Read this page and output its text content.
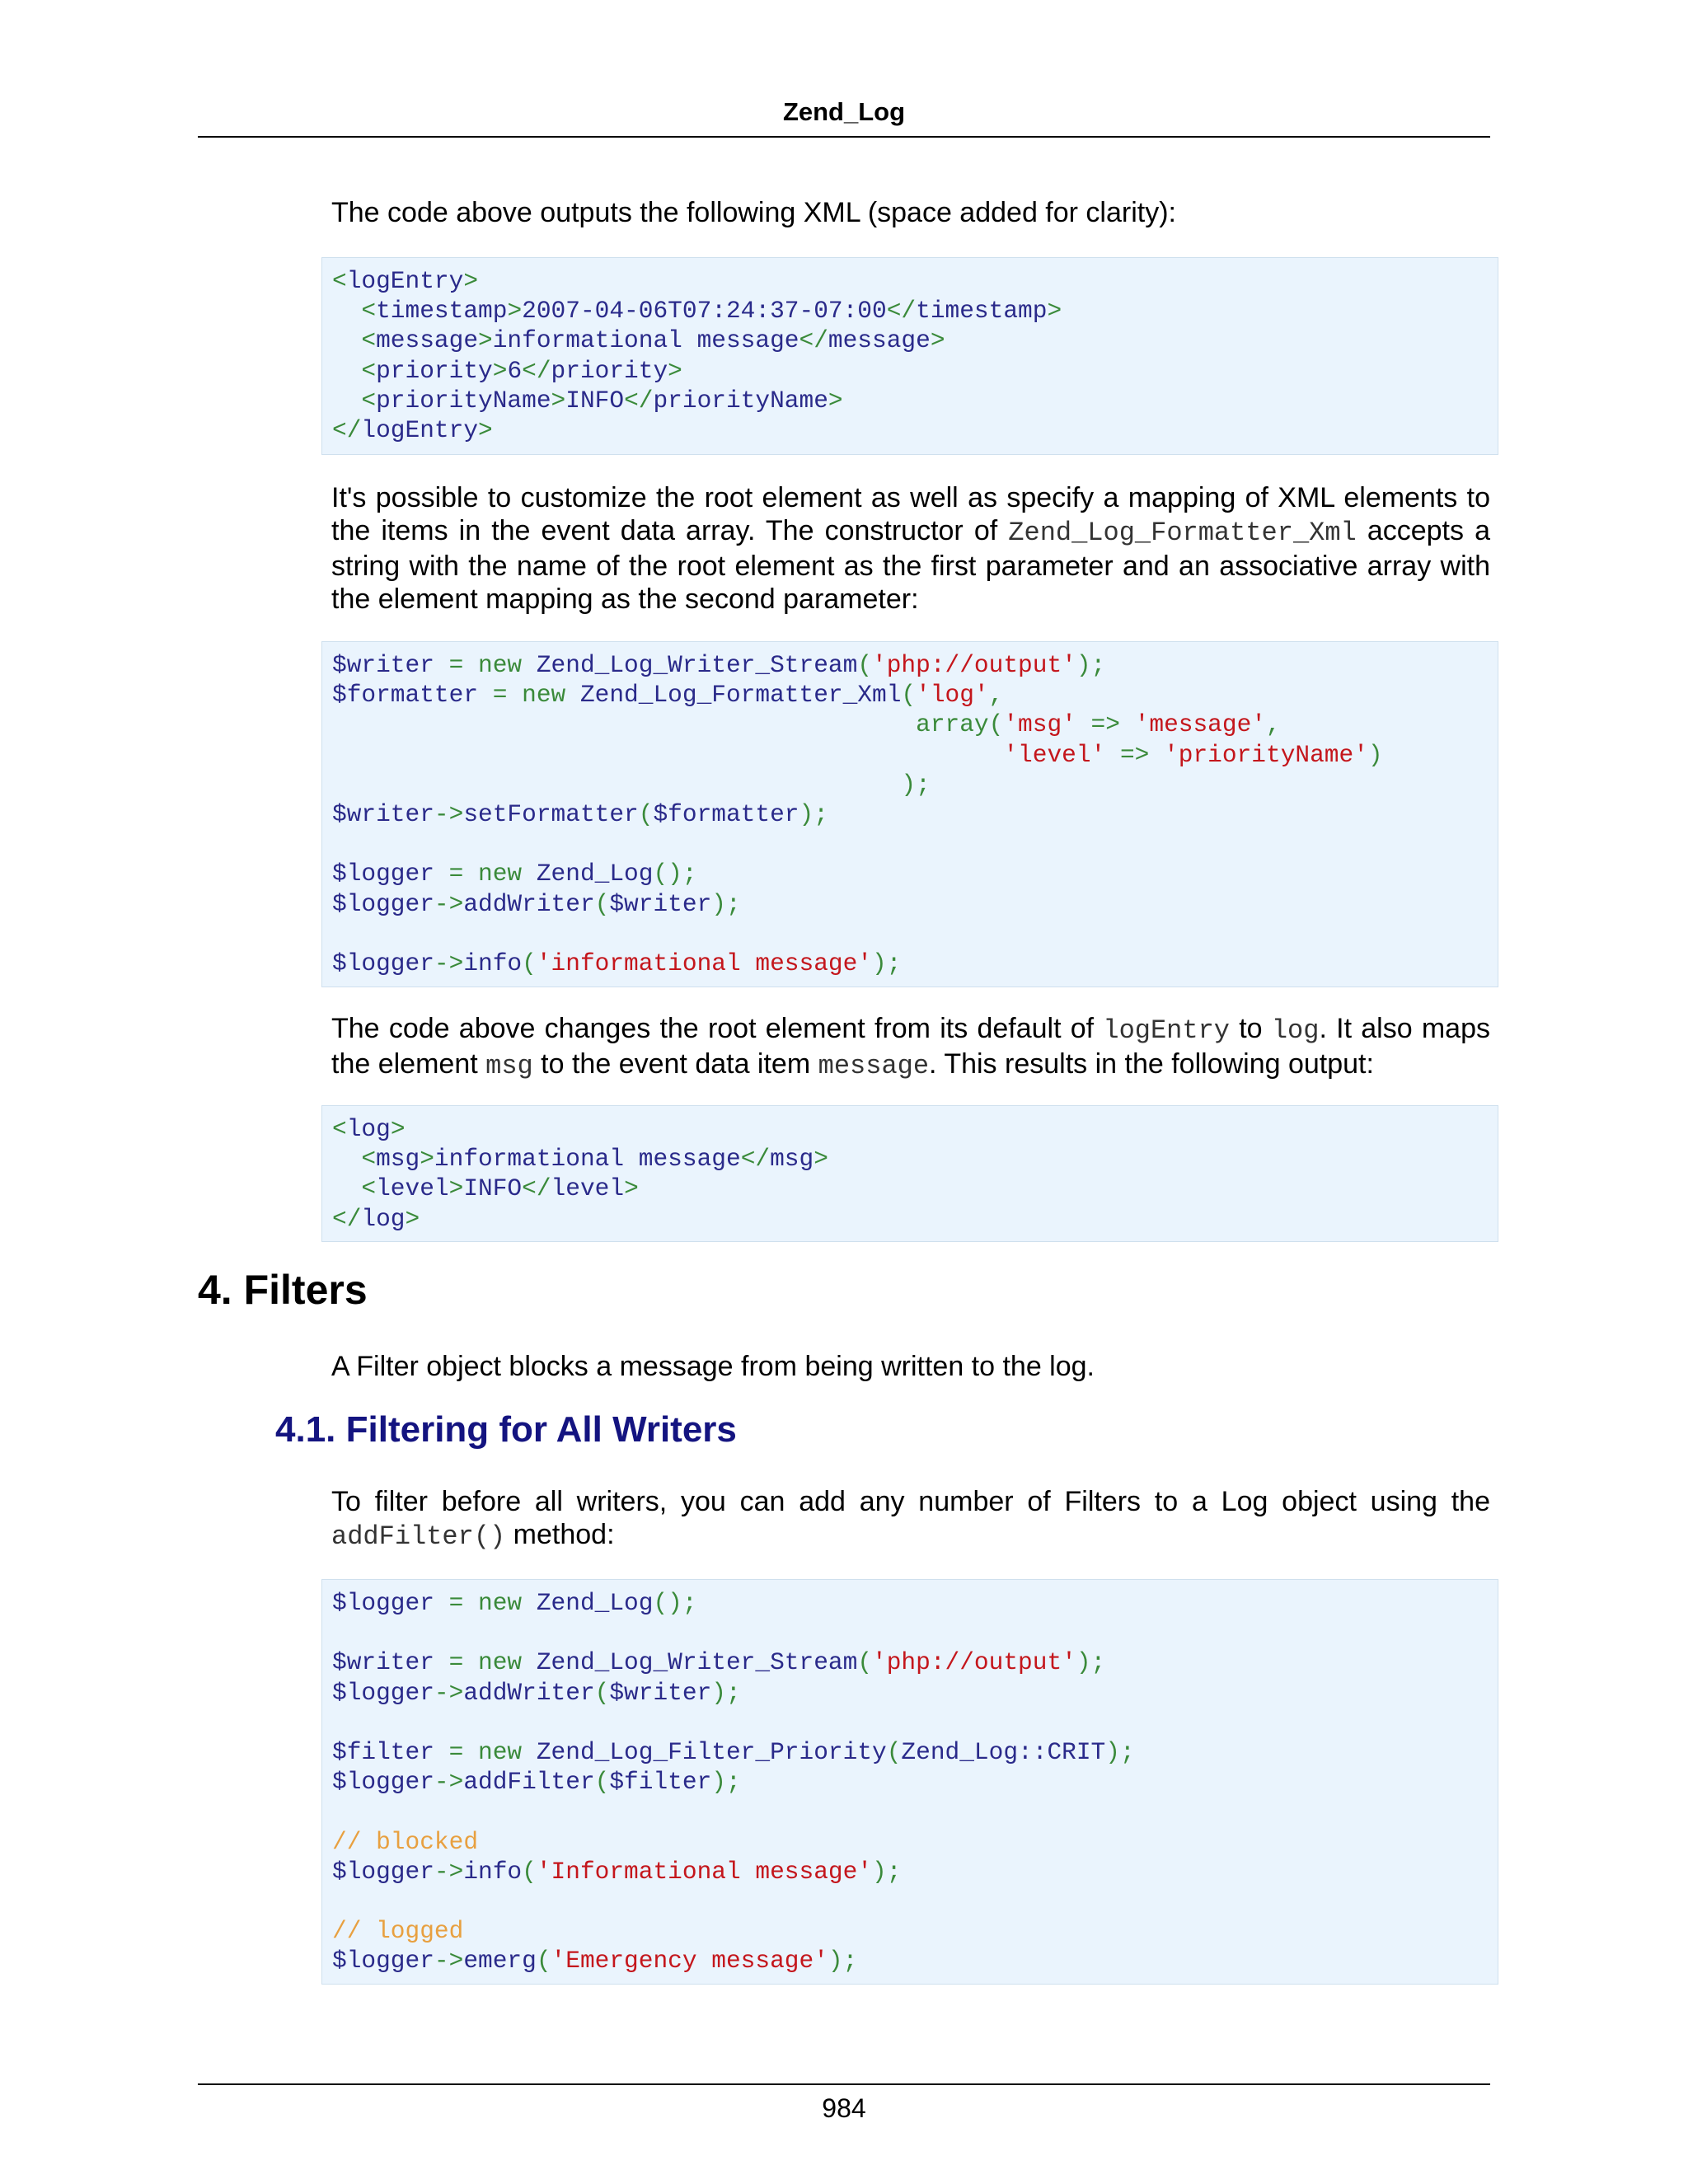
Zend_Log

The code above outputs the following XML (space added for clarity):

<logEntry>
<timestamp>2007-04-06T07:24:37-07:00</timestamp>
<message>informational message</message>
<priority>6</priority>
<priorityName>INFO</priorityName>
</logEntry>

It's possible to customize the root element as well as specify a mapping of XML elements to the items in the event data array. The constructor of Zend_Log_Formatter_Xml accepts a string with the name of the root element as the first parameter and an associative array with the element mapping as the second parameter:

$writer = new Zend_Log_Writer_Stream('php://output');
$formatter = new Zend_Log_Formatter_Xml('log',
array('msg' => 'message',
'level' => 'priorityName')
);
$writer->setFormatter($formatter);

$logger = new Zend_Log();
$logger->addWriter($writer);

$logger->info('informational message');

The code above changes the root element from its default of logEntry to log. It also maps the element msg to the event data item message. This results in the following output:

<log>
<msg>informational message</msg>
<level>INFO</level>
</log>
4. Filters

A Filter object blocks a message from being written to the log.

4.1. Filtering for All Writers

To filter before all writers, you can add any number of Filters to a Log object using the addFilter() method:

$logger = new Zend_Log();

$writer = new Zend_Log_Writer_Stream('php://output');
$logger->addWriter($writer);

$filter = new Zend_Log_Filter_Priority(Zend_Log::CRIT);
$logger->addFilter($filter);

// blocked
$logger->info('Informational message');

// logged
$logger->emerg('Emergency message');
984
